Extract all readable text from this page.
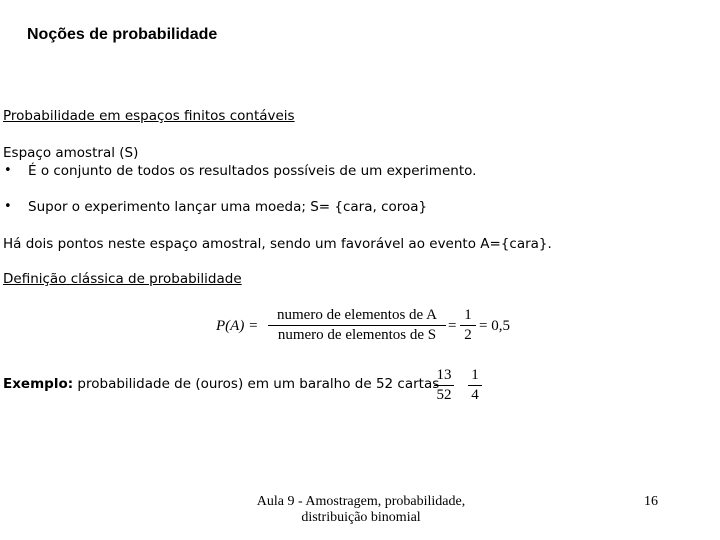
Noções de probabilidade
Probabilidade em espaços finitos contáveis
Espaço amostral (S)
• É o conjunto de todos os resultados possíveis de um experimento.
• Supor o experimento lançar uma moeda; S= {cara, coroa}
Há dois pontos neste espaço amostral, sendo um favorável ao evento A={cara}.
Definição clássica de probabilidade
P(A) =
numero de elementos de A
numero de elementos de S
=
1
2
= 0,5
Exemplo: probabilidade de (ouros) em um baralho de 52 cartas
13
52
1
4
Aula 9 - Amostragem, probabilidade,
distribuição binomial
16
